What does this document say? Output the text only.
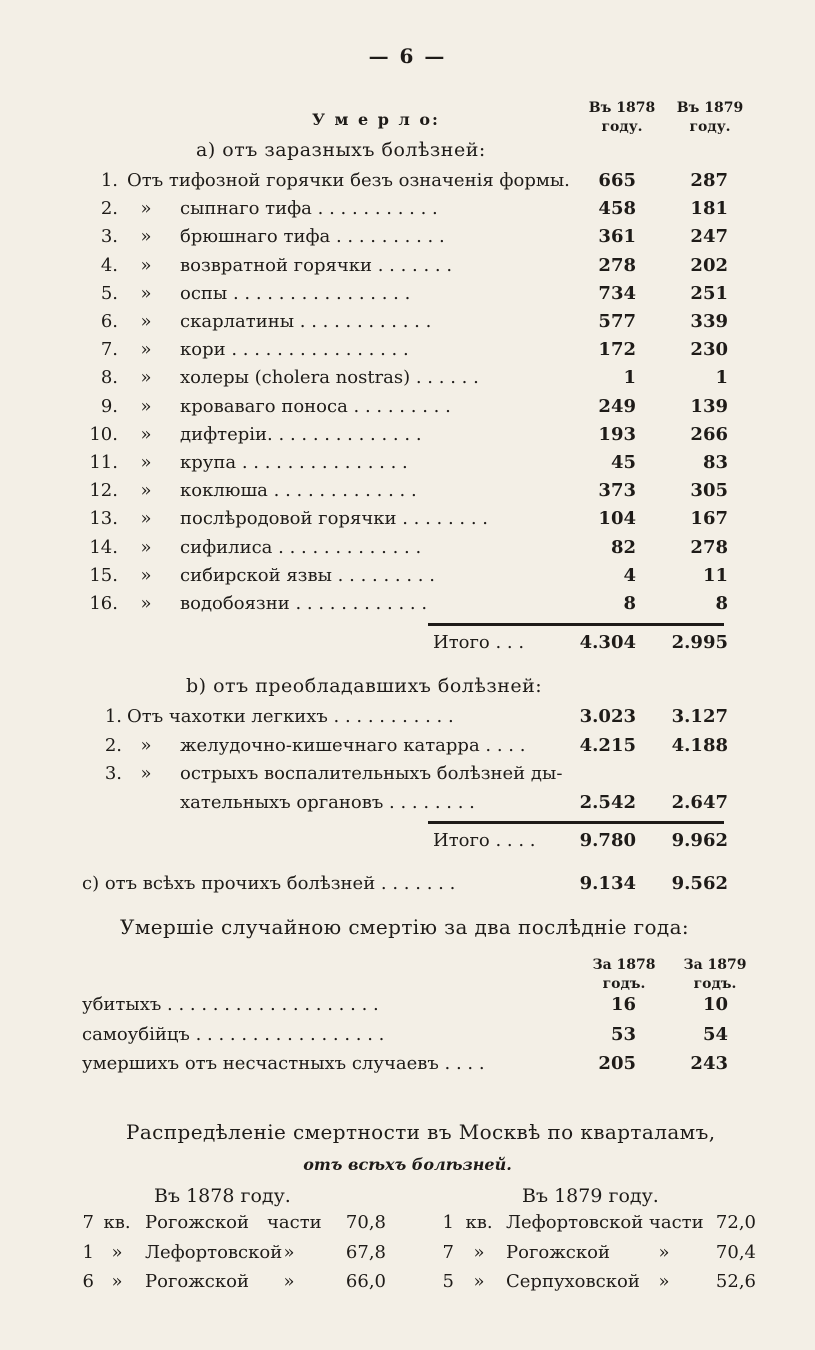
— 6 —
У м е р л о:
Въ 1878
году.
Въ 1879
году.
a) отъ заразныхъ болѣзней:
1. Отъ тифозной горячки безъ означенія формы.	665	287
2.	»	сыпнаго тифа . . . . . . . . . . .	458	181
3.	»	брюшнаго тифа . . . . . . . . . .	361	247
4.	»	возвратной горячки . . . . . . .	278	202
5.	»	оспы . . . . . . . . . . . . . . . .	734	251
6.	»	скарлатины . . . . . . . . . . . .	577	339
7.	»	кори . . . . . . . . . . . . . . . .	172	230
8.	»	холеры (cholera nostras) . . . . . .	1	1
9.	»	кроваваго поноса . . . . . . . . .	249	139
10.	»	дифтеріи. . . . . . . . . . . . . .	193	266
11.	»	крупа . . . . . . . . . . . . . . .	45	83
12.	»	коклюша . . . . . . . . . . . . .	373	305
13.	»	послѣродовой горячки . . . . . . . .	104	167
14.	»	сифилиса . . . . . . . . . . . . .	82	278
15.	»	сибирской язвы . . . . . . . . .	4	11
16.	»	водобоязни . . . . . . . . . . . .	8	8
Итого . . .	4.304	2.995
b) отъ преобладавшихъ болѣзней:
1. Отъ чахотки легкихъ . . . . . . . . . . .	3.023	3.127
2.	»	желудочно-кишечнаго катарра . . . .	4.215	4.188
3.	»	острыхъ воспалительныхъ болѣзней ды-
хательныхъ органовъ . . . . . . . .	2.542	2.647
Итого . . . .	9.780	9.962
c) отъ всѣхъ прочихъ болѣзней . . . . . . .	9.134	9.562
Умершіе случайною смертію за два послѣдніе года:
За 1878
годъ.
За 1879
годъ.
убитыхъ . . . . . . . . . . . . . . . . . . .	16	10
самоубійцъ . . . . . . . . . . . . . . . . .	53	54
умершихъ отъ несчастныхъ случаевъ . . . .	205	243
Распредѣленіе смертности въ Москвѣ по кварталамъ,
отъ всѣхъ болѣзней.
Въ 1878 году.	Въ 1879 году.
7 кв. Рогожской части	70,8
1 »	Лефортовской »	67,8
6 »	Рогожской	»	66,0
1 кв. Лефортовской части 72,0
7	»	Рогожской	»	70,4
5	»	Серпуховской	»	52,6
